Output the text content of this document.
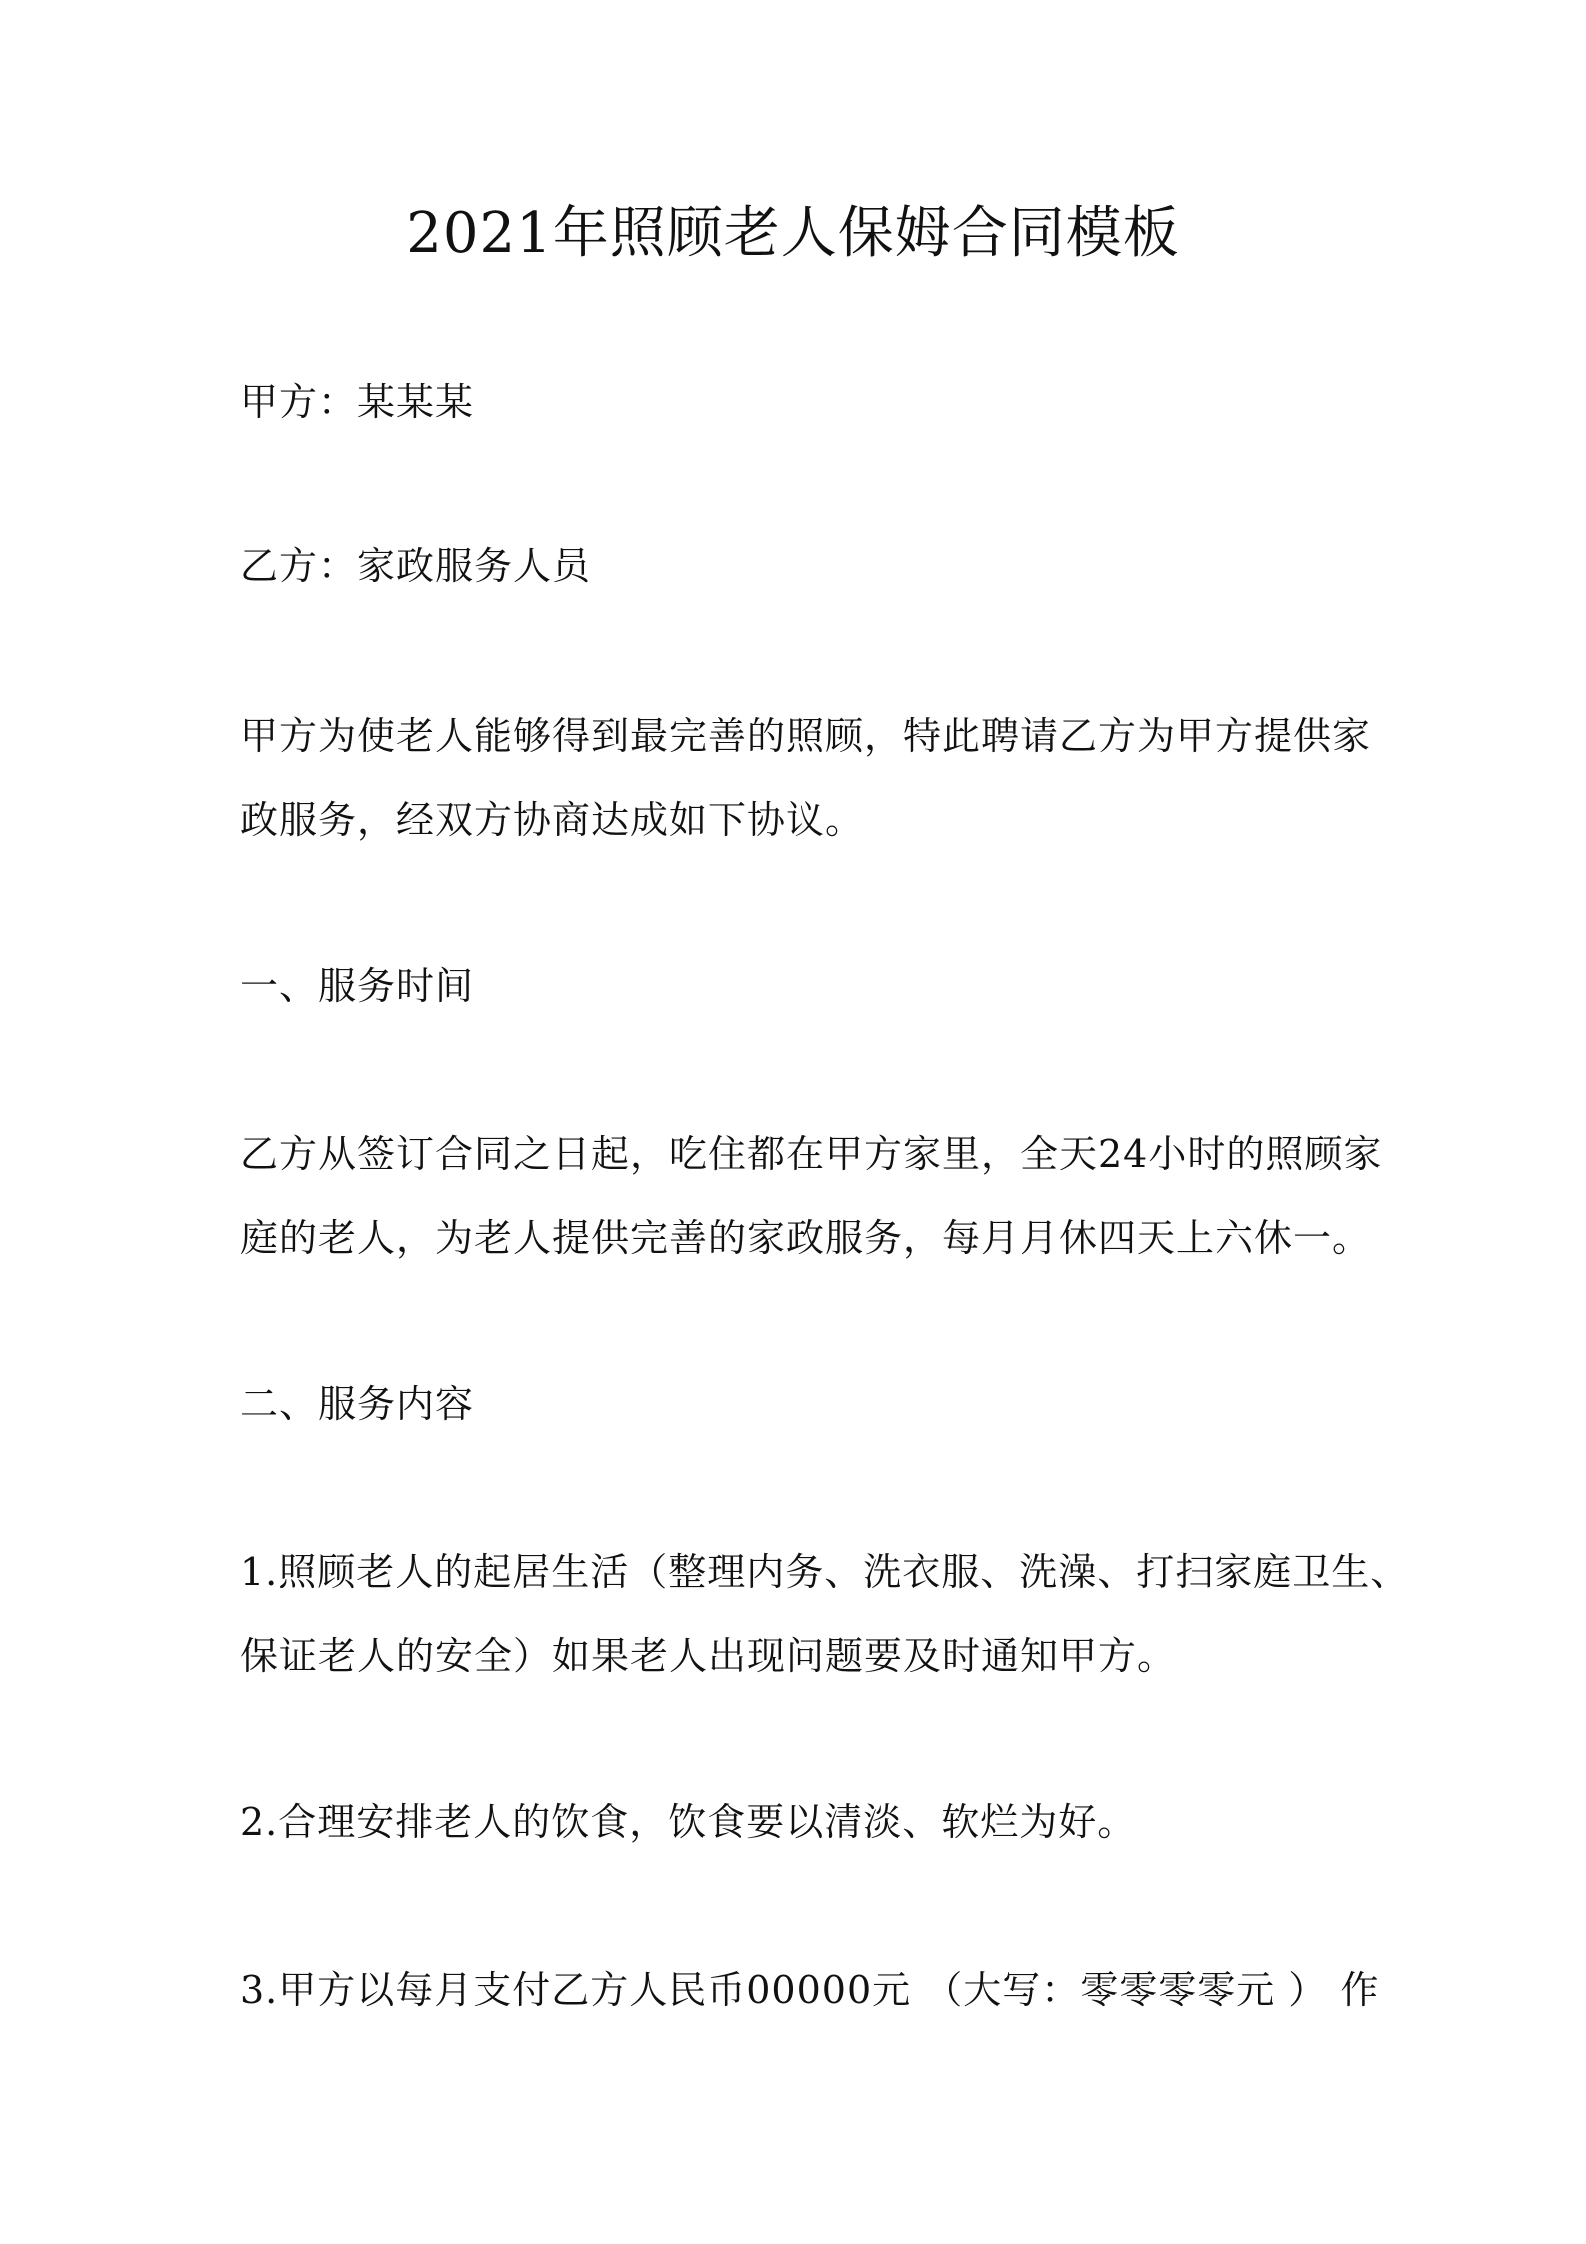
2021年照顾老人保姆合同模板
甲方：某某某
乙方：家政服务人员
甲方为使老人能够得到最完善的照顾，特此聘请乙方为甲方提供家
政服务，经双方协商达成如下协议。
一、服务时间
乙方从签订合同之日起，吃住都在甲方家里，全天24小时的照顾家
庭的老人，为老人提供完善的家政服务，每月月休四天上六休一。
二、服务内容
1.照顾老人的起居生活（整理内务、洗衣服、洗澡、打扫家庭卫生、
保证老人的安全）如果老人出现问题要及时通知甲方。
2.合理安排老人的饮食，饮食要以清淡、软烂为好。
3.甲方以每月支付乙方人民币00000元 （大写：零零零零元 ） 作
